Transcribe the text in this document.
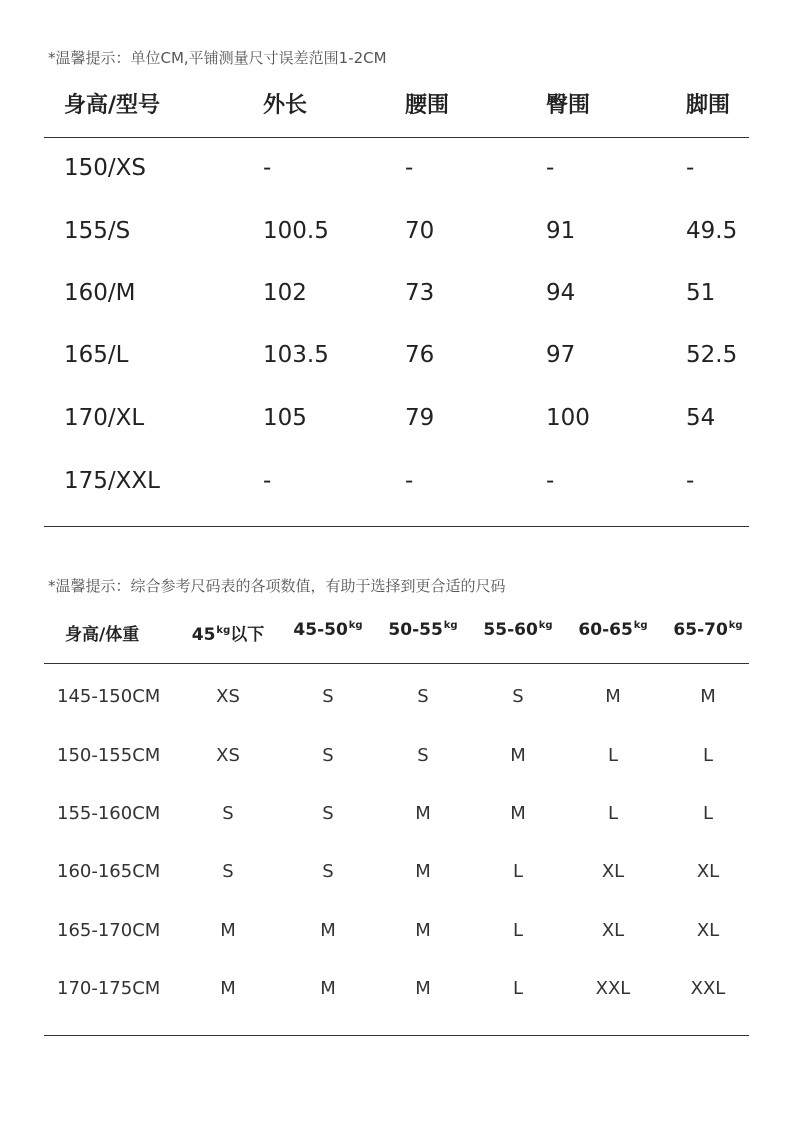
*温馨提示：单位CM,平铺测量尺寸误差范围1-2CM
身高/型号	外长	腰围	臀围	脚围
150/XS	-	-	-	-
155/S	100.5	70	91	49.5
160/M	102	73	94	51
165/L	103.5	76	97	52.5
170/XL	105	79	100	54
175/XXL	-	-	-	-
*温馨提示：综合参考尺码表的各项数值，有助于选择到更合适的尺码
身高/体重	$45^{kg}$以下 $45-50^{kg}$ $50-55^{kg}$ $55-60^{kg}$ $60-65^{kg}$ $65-70^{kg}$
145-150CM	XS	S	S	S	M	M
150-155CM	XS	S	S	M	L	L
155-160CM	S	S	M	M	L	L
160-165CM	S	S	M	L	XL	XL
165-170CM	M	M	M	L	XL	XL
170-175CM	M	M	M	L	XXL	XXL
